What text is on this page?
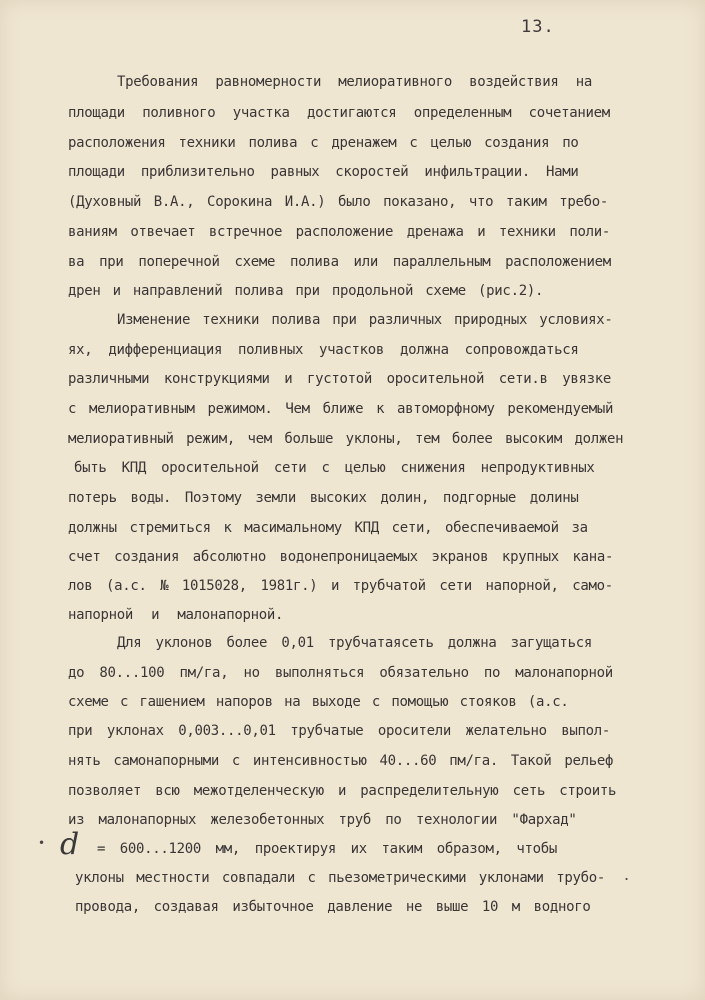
13.
Требования равномерности мелиоративного воздействия на
площади поливного участка достигаются определенным сочетанием
расположения техники полива с дренажем с целью создания по
площади приблизительно равных скоростей инфильтрации. Нами
(Духовный В.А., Сорокина И.А.) было показано, что таким требо-
ваниям отвечает встречное расположение дренажа и техники поли-
ва при поперечной схеме полива или параллельным расположением
дрен и направлений полива при продольной схеме (рис.2).
Изменение техники полива при различных природных условиях-
ях, дифференциация поливных участков должна сопровождаться
различными конструкциями и густотой оросительной сети.в увязке
с мелиоративным режимом. Чем ближе к автоморфному рекомендуемый
мелиоративный режим, чем больше уклоны, тем более высоким должен
быть КПД оросительной сети с целью снижения непродуктивных
потерь воды. Поэтому земли высоких долин, подгорные долины
должны стремиться к масимальному КПД сети, обеспечиваемой за
счет создания абсолютно водонепроницаемых экранов крупных кана-
лов (а.с. № 1015028, 1981г.) и трубчатой сети напорной, само-
напорной и малонапорной.
Для уклонов более 0,01 трубчатаясеть должна загущаться
до 80...100 пм/га, но выполняться обязательно по малонапорной
схеме с гашением напоров на выходе с помощью стояков (а.с.
при уклонах 0,003...0,01 трубчатые оросители желательно выпол-
нять самонапорными с интенсивностью 40...60 пм/га. Такой рельеф
позволяет всю межотделенческую и распределительную сеть строить
из малонапорных железобетонных труб по технологии "Фархад"
• d = 600...1200 мм, проектируя их таким образом, чтобы
уклоны местности совпадали с пьезометрическими уклонами трубо- .
провода, создавая избыточное давление не выше 10 м водного
